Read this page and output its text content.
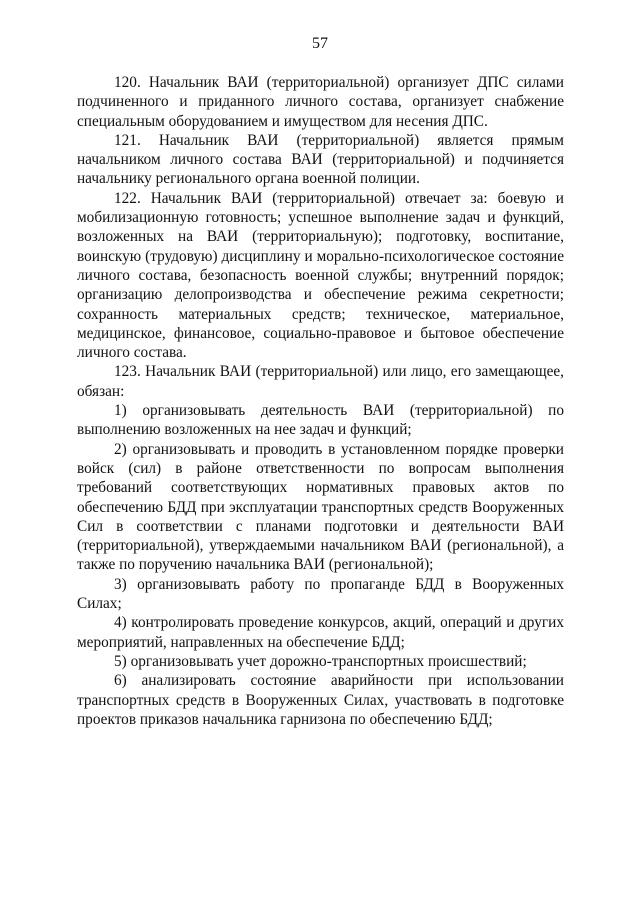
57

120. Начальник ВАИ (территориальной) организует ДПС силами подчиненного и приданного личного состава, организует снабжение специальным оборудованием и имуществом для несения ДПС.

121. Начальник ВАИ (территориальной) является прямым начальником личного состава ВАИ (территориальной) и подчиняется начальнику регионального органа военной полиции.

122. Начальник ВАИ (территориальной) отвечает за: боевую и мобилизационную готовность; успешное выполнение задач и функций, возложенных на ВАИ (территориальную); подготовку, воспитание, воинскую (трудовую) дисциплину и морально-психологическое состояние личного состава, безопасность военной службы; внутренний порядок; организацию делопроизводства и обеспечение режима секретности; сохранность материальных средств; техническое, материальное, медицинское, финансовое, социально-правовое и бытовое обеспечение личного состава.

123. Начальник ВАИ (территориальной) или лицо, его замещающее, обязан:

1) организовывать деятельность ВАИ (территориальной) по выполнению возложенных на нее задач и функций;

2) организовывать и проводить в установленном порядке проверки войск (сил) в районе ответственности по вопросам выполнения требований соответствующих нормативных правовых актов по обеспечению БДД при эксплуатации транспортных средств Вооруженных Сил в соответствии с планами подготовки и деятельности ВАИ (территориальной), утверждаемыми начальником ВАИ (региональной), а также по поручению начальника ВАИ (региональной);

3) организовывать работу по пропаганде БДД в Вооруженных Силах;

4) контролировать проведение конкурсов, акций, операций и других мероприятий, направленных на обеспечение БДД;

5) организовывать учет дорожно-транспортных происшествий;

6) анализировать состояние аварийности при использовании транспортных средств в Вооруженных Силах, участвовать в подготовке проектов приказов начальника гарнизона по обеспечению БДД;
